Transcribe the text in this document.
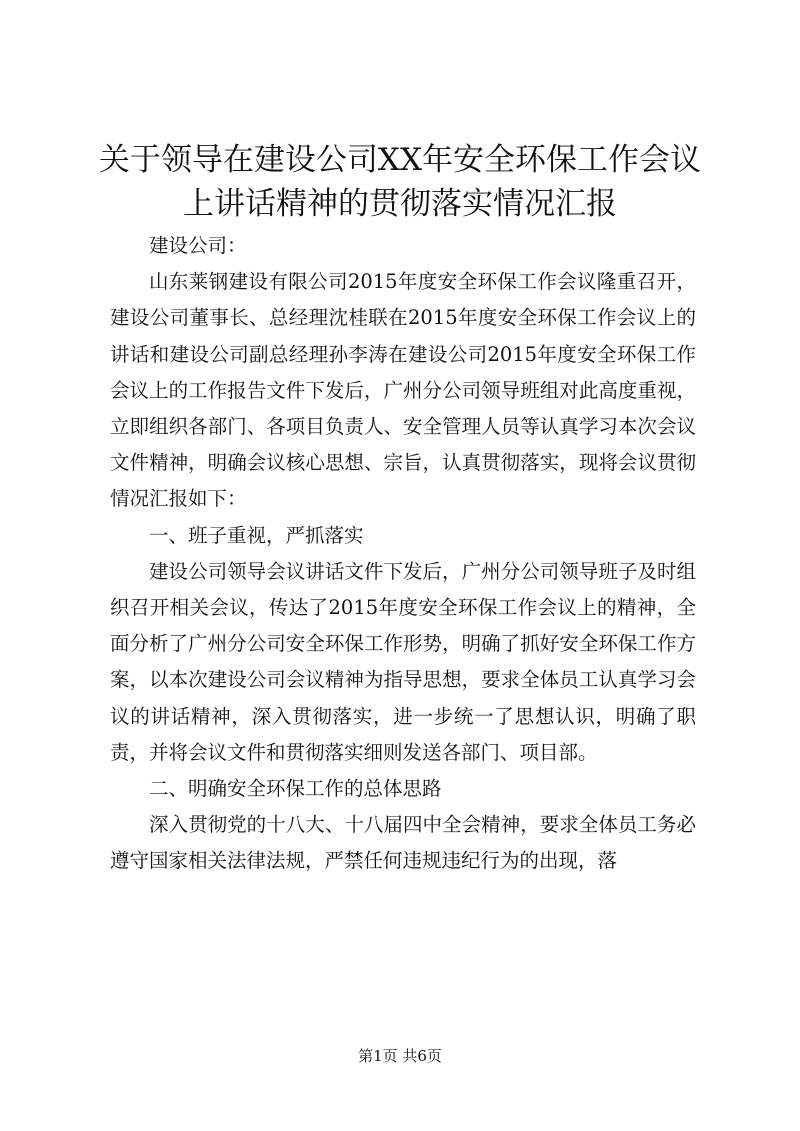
关于领导在建设公司XX年安全环保工作会议
上讲话精神的贯彻落实情况汇报

建设公司：

山东莱钢建设有限公司2015年度安全环保工作会议隆重召开，建设公司董事长、总经理沈桂联在2015年度安全环保工作会议上的讲话和建设公司副总经理孙李涛在建设公司2015年度安全环保工作会议上的工作报告文件下发后，广州分公司领导班组对此高度重视，立即组织各部门、各项目负责人、安全管理人员等认真学习本次会议文件精神，明确会议核心思想、宗旨，认真贯彻落实，现将会议贯彻情况汇报如下：

一、班子重视，严抓落实

建设公司领导会议讲话文件下发后，广州分公司领导班子及时组织召开相关会议，传达了2015年度安全环保工作会议上的精神，全面分析了广州分公司安全环保工作形势，明确了抓好安全环保工作方案，以本次建设公司会议精神为指导思想，要求全体员工认真学习会议的讲话精神，深入贯彻落实，进一步统一了思想认识，明确了职责，并将会议文件和贯彻落实细则发送各部门、项目部。

二、明确安全环保工作的总体思路

深入贯彻党的十八大、十八届四中全会精神，要求全体员工务必遵守国家相关法律法规，严禁任何违规违纪行为的出现，落

第1页 共6页
